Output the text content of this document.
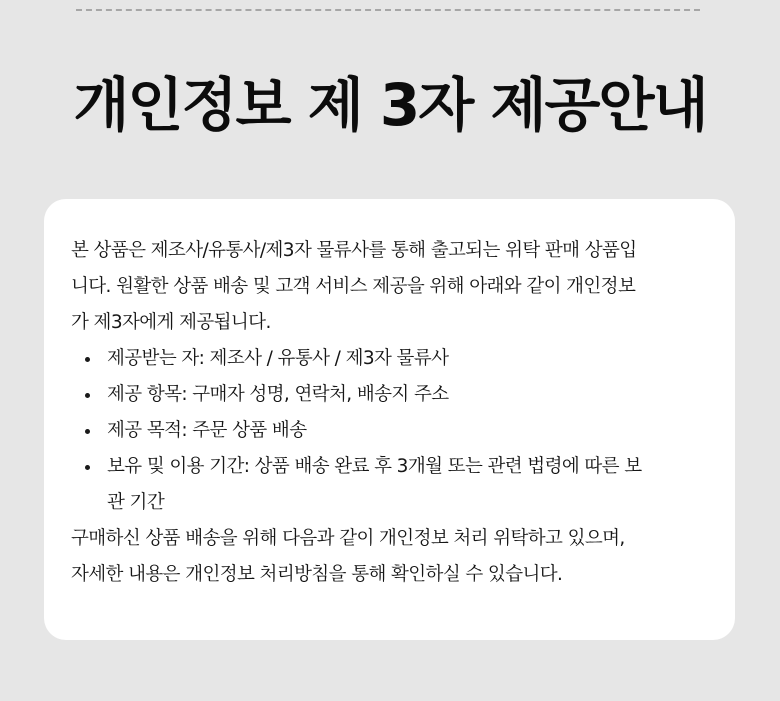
개인정보 제 3자 제공안내

본 상품은 제조사/유통사/제3자 물류사를 통해 출고되는 위탁 판매 상품입
니다. 원활한 상품 배송 및 고객 서비스 제공을 위해 아래와 같이 개인정보
가 제3자에게 제공됩니다.

제공받는 자: 제조사 / 유통사 / 제3자 물류사
제공 항목: 구매자 성명, 연락처, 배송지 주소
제공 목적: 주문 상품 배송
보유 및 이용 기간: 상품 배송 완료 후 3개월 또는 관련 법령에 따른 보
관 기간

구매하신 상품 배송을 위해 다음과 같이 개인정보 처리 위탁하고 있으며,
자세한 내용은 개인정보 처리방침을 통해 확인하실 수 있습니다.
